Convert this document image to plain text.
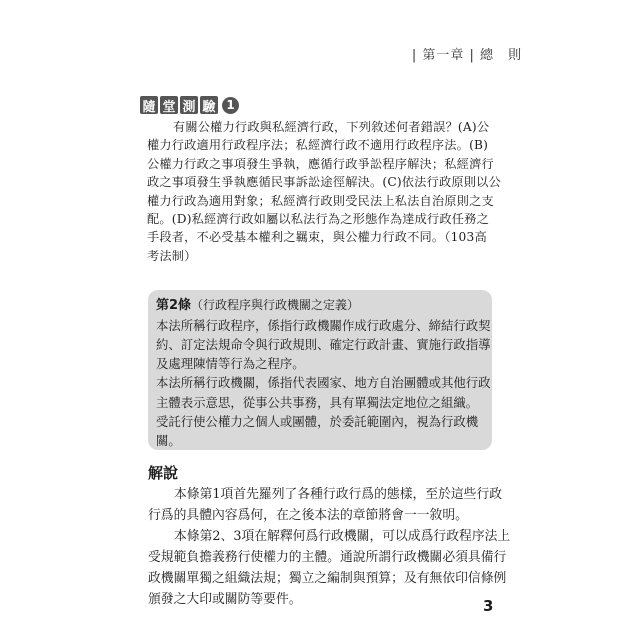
| 第一章 | 總　則
隨 堂 測 驗 1
有關公權力行政與私經濟行政，下列敘述何者錯誤？(A)公
權力行政適用行政程序法；私經濟行政不適用行政程序法。(B)
公權力行政之事項發生爭執，應循行政爭訟程序解決；私經濟行
政之事項發生爭執應循民事訴訟途徑解決。(C)依法行政原則以公
權力行政為適用對象；私經濟行政則受民法上私法自治原則之支
配。(D)私經濟行政如屬以私法行為之形態作為達成行政任務之
手段者，不必受基本權利之羈束，與公權力行政不同。（103高
考法制）
第2條（行政程序與行政機關之定義）
本法所稱行政程序，係指行政機關作成行政處分、締結行政契
約、訂定法規命令與行政規則、確定行政計畫、實施行政指導
及處理陳情等行為之程序。
本法所稱行政機關，係指代表國家、地方自治團體或其他行政
主體表示意思，從事公共事務，具有單獨法定地位之組織。
受託行使公權力之個人或團體，於委託範圍內，視為行政機
關。
解說
本條第1項首先羅列了各種行政行爲的態樣，至於這些行政
行爲的具體內容爲何，在之後本法的章節將會一一敘明。
本條第2、3項在解釋何爲行政機關，可以成爲行政程序法上
受規範負擔義務行使權力的主體。通說所謂行政機關必須具備行
政機關單獨之組織法規；獨立之編制與預算；及有無依印信條例
頒發之大印或關防等要件。	3
